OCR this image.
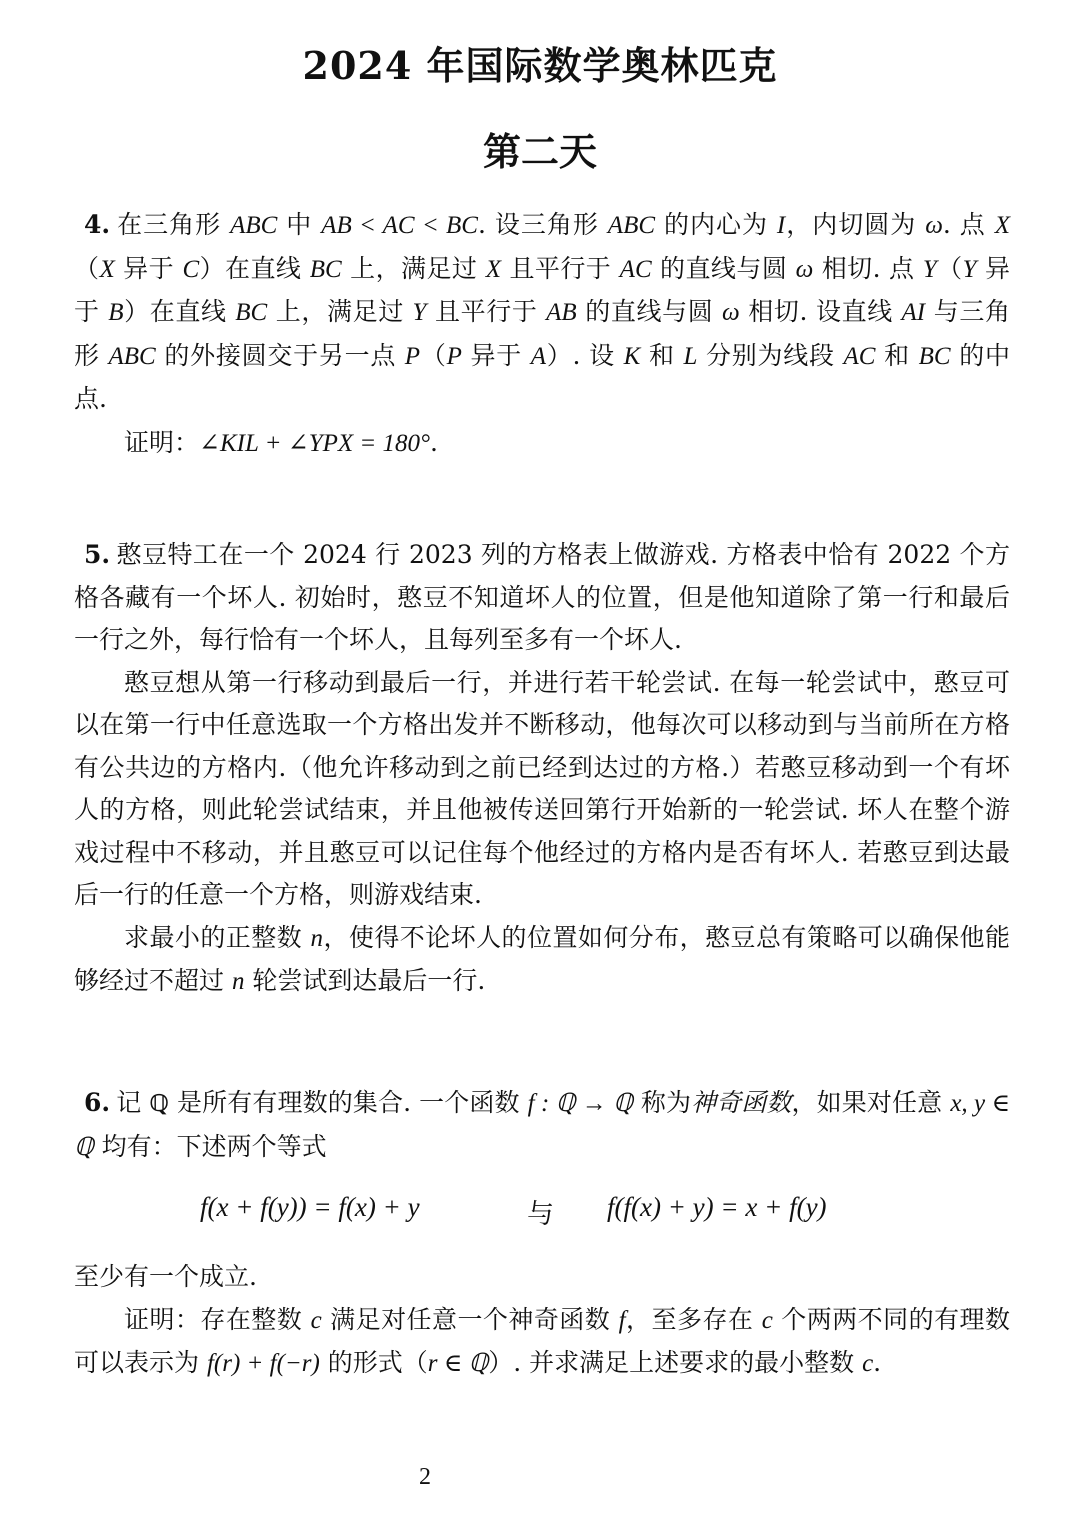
2024 年国际数学奥林匹克
第二天

4. 在三角形 ABC 中 AB < AC < BC. 设三角形 ABC 的内心为 I，内切圆为 ω. 点 X（X 异于 C）在直线 BC 上，满足过 X 且平行于 AC 的直线与圆 ω 相切. 点 Y（Y 异于 B）在直线 BC 上，满足过 Y 且平行于 AB 的直线与圆 ω 相切. 设直线 AI 与三角形 ABC 的外接圆交于另一点 P（P 异于 A）. 设 K 和 L 分别为线段 AC 和 BC 的中点.

证明：∠KIL + ∠YPX = 180°.

5. 憨豆特工在一个 2024 行 2023 列的方格表上做游戏. 方格表中恰有 2022 个方格各藏有一个坏人. 初始时，憨豆不知道坏人的位置，但是他知道除了第一行和最后一行之外，每行恰有一个坏人，且每列至多有一个坏人.

憨豆想从第一行移动到最后一行，并进行若干轮尝试. 在每一轮尝试中，憨豆可以在第一行中任意选取一个方格出发并不断移动，他每次可以移动到与当前所在方格有公共边的方格内.（他允许移动到之前已经到达过的方格.）若憨豆移动到一个有坏人的方格，则此轮尝试结束，并且他被传送回第行开始新的一轮尝试. 坏人在整个游戏过程中不移动，并且憨豆可以记住每个他经过的方格内是否有坏人. 若憨豆到达最后一行的任意一个方格，则游戏结束.

求最小的正整数 n，使得不论坏人的位置如何分布，憨豆总有策略可以确保他能够经过不超过 n 轮尝试到达最后一行.

6. 记 ℚ 是所有有理数的集合. 一个函数 f : ℚ → ℚ 称为神奇函数，如果对任意 x, y ∈ ℚ 均有：下述两个等式

f(x + f(y)) = f(x) + y	与 f(f(x) + y) = x + f(y)

至少有一个成立.

证明：存在整数 c 满足对任意一个神奇函数 f，至多存在 c 个两两不同的有理数可以表示为 f(r) + f(−r) 的形式（r ∈ ℚ）. 并求满足上述要求的最小整数 c.

2
